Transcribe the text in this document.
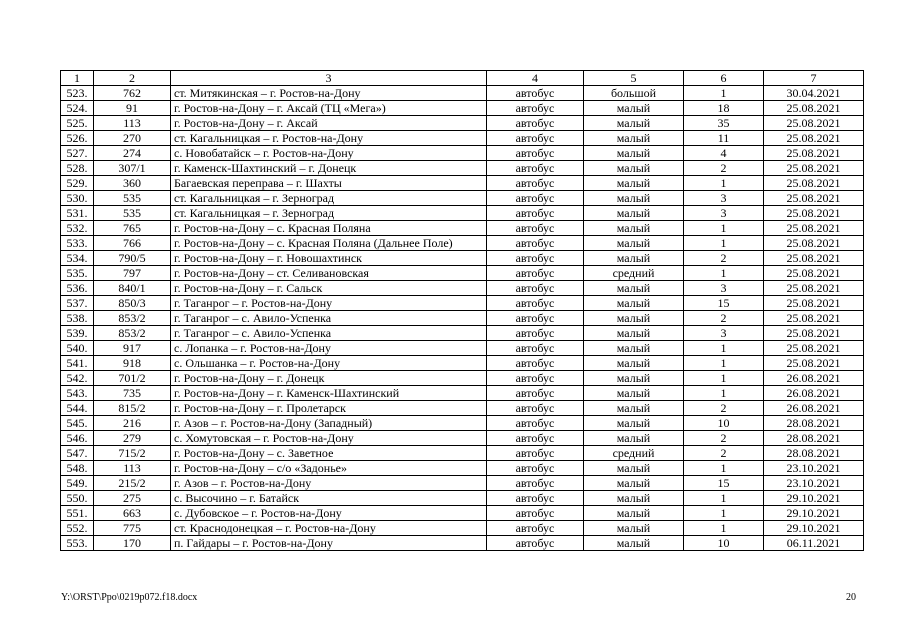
1	2	3	4	5	6	7
523.	762	ст. Митякинская – г. Ростов-на-Дону	автобус	большой	1	30.04.2021
524.	91	г. Ростов-на-Дону – г. Аксай (ТЦ «Мега»)	автобус	малый	18	25.08.2021
525.	113	г. Ростов-на-Дону – г. Аксай	автобус	малый	35	25.08.2021
526.	270	ст. Кагальницкая – г. Ростов-на-Дону	автобус	малый	11	25.08.2021
527.	274	с. Новобатайск – г. Ростов-на-Дону	автобус	малый	4	25.08.2021
528.	307/1	г. Каменск-Шахтинский – г. Донецк	автобус	малый	2	25.08.2021
529.	360	Багаевская переправа – г. Шахты	автобус	малый	1	25.08.2021
530.	535	ст. Кагальницкая – г. Зерноград	автобус	малый	3	25.08.2021
531.	535	ст. Кагальницкая – г. Зерноград	автобус	малый	3	25.08.2021
532.	765	г. Ростов-на-Дону – с. Красная Поляна	автобус	малый	1	25.08.2021
533.	766	г. Ростов-на-Дону – с. Красная Поляна (Дальнее Поле)	автобус	малый	1	25.08.2021
534.	790/5	г. Ростов-на-Дону – г. Новошахтинск	автобус	малый	2	25.08.2021
535.	797	г. Ростов-на-Дону – ст. Селивановская	автобус	средний	1	25.08.2021
536.	840/1	г. Ростов-на-Дону – г. Сальск	автобус	малый	3	25.08.2021
537.	850/3	г. Таганрог – г. Ростов-на-Дону	автобус	малый	15	25.08.2021
538.	853/2	г. Таганрог – с. Авило-Успенка	автобус	малый	2	25.08.2021
539.	853/2	г. Таганрог – с. Авило-Успенка	автобус	малый	3	25.08.2021
540.	917	с. Лопанка – г. Ростов-на-Дону	автобус	малый	1	25.08.2021
541.	918	с. Ольшанка – г. Ростов-на-Дону	автобус	малый	1	25.08.2021
542.	701/2	г. Ростов-на-Дону – г. Донецк	автобус	малый	1	26.08.2021
543.	735	г. Ростов-на-Дону – г. Каменск-Шахтинский	автобус	малый	1	26.08.2021
544.	815/2	г. Ростов-на-Дону – г. Пролетарск	автобус	малый	2	26.08.2021
545.	216	г. Азов – г. Ростов-на-Дону (Западный)	автобус	малый	10	28.08.2021
546.	279	с. Хомутовская – г. Ростов-на-Дону	автобус	малый	2	28.08.2021
547.	715/2	г. Ростов-на-Дону – с. Заветное	автобус	средний	2	28.08.2021
548.	113	г. Ростов-на-Дону – с/о «Задонье»	автобус	малый	1	23.10.2021
549.	215/2	г. Азов – г. Ростов-на-Дону	автобус	малый	15	23.10.2021
550.	275	с. Высочино – г. Батайск	автобус	малый	1	29.10.2021
551.	663	с. Дубовское – г. Ростов-на-Дону	автобус	малый	1	29.10.2021
552.	775	ст. Краснодонецкая – г. Ростов-на-Дону	автобус	малый	1	29.10.2021
553.	170	п. Гайдары – г. Ростов-на-Дону	автобус	малый	10	06.11.2021
Y:\ORST\Ppo\0219p072.f18.docx	20
